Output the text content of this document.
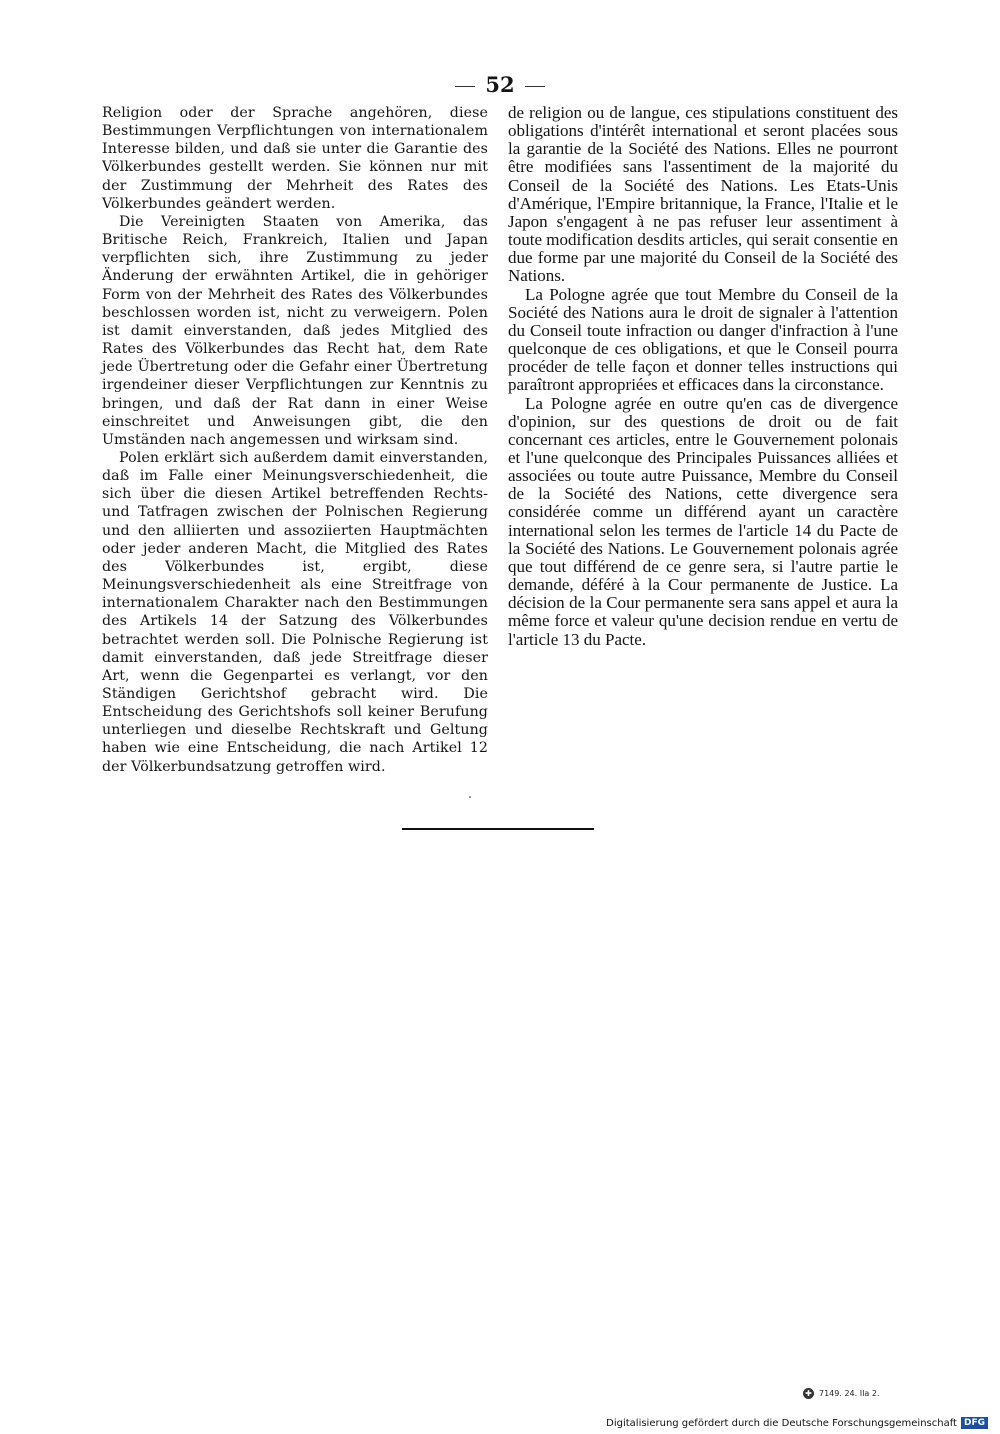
52

Religion oder der Sprache angehören, diese Bestimmungen Verpflichtungen von internationalem Interesse bilden, und daß sie unter die Garantie des Völkerbundes gestellt werden. Sie können nur mit der Zustimmung der Mehrheit des Rates des Völkerbundes geändert werden.

Die Vereinigten Staaten von Amerika, das Britische Reich, Frankreich, Italien und Japan verpflichten sich, ihre Zustimmung zu jeder Änderung der erwähnten Artikel, die in gehöriger Form von der Mehrheit des Rates des Völkerbundes beschlossen worden ist, nicht zu verweigern. Polen ist damit einverstanden, daß jedes Mitglied des Rates des Völkerbundes das Recht hat, dem Rate jede Übertretung oder die Gefahr einer Übertretung irgendeiner dieser Verpflichtungen zur Kenntnis zu bringen, und daß der Rat dann in einer Weise einschreitet und Anweisungen gibt, die den Umständen nach angemessen und wirksam sind.

Polen erklärt sich außerdem damit einverstanden, daß im Falle einer Meinungsverschiedenheit, die sich über die diesen Artikel betreffenden Rechts- und Tatfragen zwischen der Polnischen Regierung und den alliierten und assoziierten Hauptmächten oder jeder anderen Macht, die Mitglied des Rates des Völkerbundes ist, ergibt, diese Meinungsverschiedenheit als eine Streitfrage von internationalem Charakter nach den Bestimmungen des Artikels 14 der Satzung des Völkerbundes betrachtet werden soll. Die Polnische Regierung ist damit einverstanden, daß jede Streitfrage dieser Art, wenn die Gegenpartei es verlangt, vor den Ständigen Gerichtshof gebracht wird. Die Entscheidung des Gerichtshofs soll keiner Berufung unterliegen und dieselbe Rechtskraft und Geltung haben wie eine Entscheidung, die nach Artikel 12 der Völkerbundsatzung getroffen wird.

de religion ou de langue, ces stipulations constituent des obligations d'intérêt international et seront placées sous la garantie de la Société des Nations. Elles ne pourront être modifiées sans l'assentiment de la majorité du Conseil de la Société des Nations. Les Etats-Unis d'Amérique, l'Empire britannique, la France, l'Italie et le Japon s'engagent à ne pas refuser leur assentiment à toute modification desdits articles, qui serait consentie en due forme par une majorité du Conseil de la Société des Nations.

La Pologne agrée que tout Membre du Conseil de la Société des Nations aura le droit de signaler à l'attention du Conseil toute infraction ou danger d'infraction à l'une quelconque de ces obligations, et que le Conseil pourra procéder de telle façon et donner telles instructions qui paraîtront appropriées et efficaces dans la circonstance.

La Pologne agrée en outre qu'en cas de divergence d'opinion, sur des questions de droit ou de fait concernant ces articles, entre le Gouvernement polonais et l'une quelconque des Principales Puissances alliées et associées ou toute autre Puissance, Membre du Conseil de la Société des Nations, cette divergence sera considérée comme un différend ayant un caractère international selon les termes de l'article 14 du Pacte de la Société des Nations. Le Gouvernement polonais agrée que tout différend de ce genre sera, si l'autre partie le demande, déféré à la Cour permanente de Justice. La décision de la Cour permanente sera sans appel et aura la même force et valeur qu'une decision rendue en vertu de l'article 13 du Pacte.

✚ 7149. 24. IIa 2.
Digitalisierung gefördert durch die Deutsche Forschungsgemeinschaft DFG
